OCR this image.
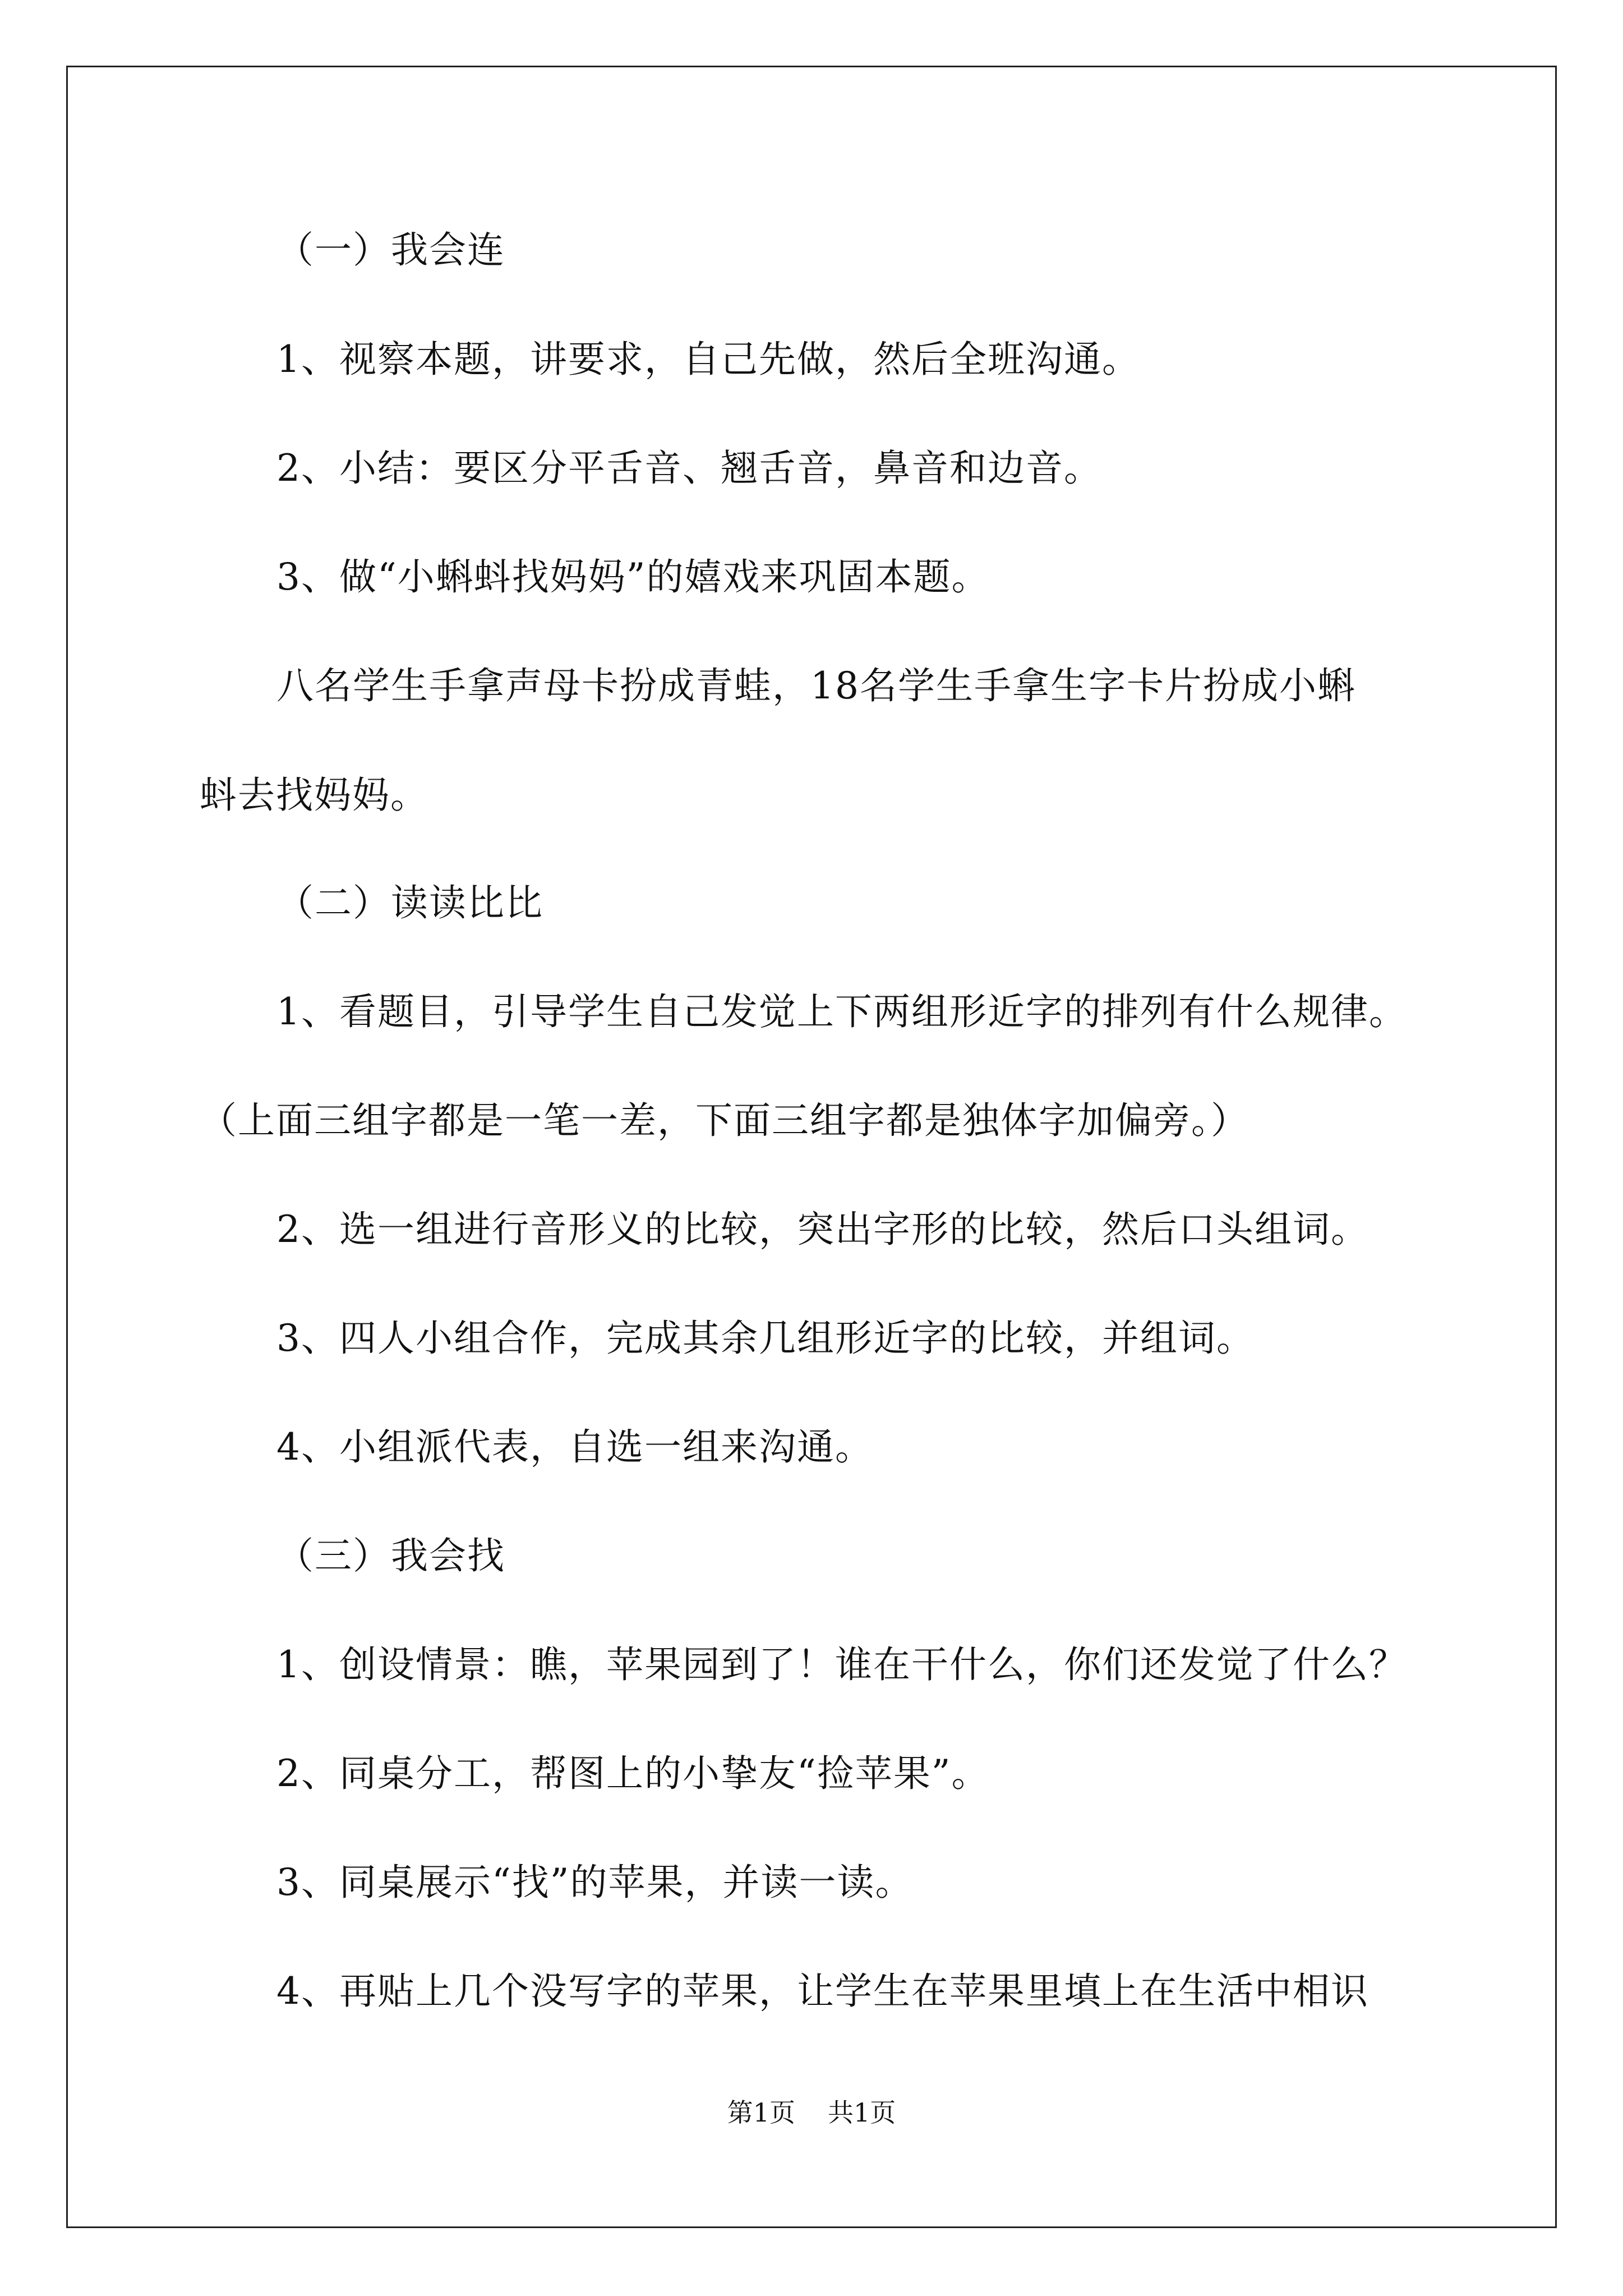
（一）我会连
1、视察本题，讲要求，自己先做，然后全班沟通。
2、小结：要区分平舌音、翘舌音，鼻音和边音。
3、做“小蝌蚪找妈妈”的嬉戏来巩固本题。
八名学生手拿声母卡扮成青蛙，18名学生手拿生字卡片扮成小蝌
蚪去找妈妈。
（二）读读比比
1、看题目，引导学生自己发觉上下两组形近字的排列有什么规律。
（上面三组字都是一笔一差，下面三组字都是独体字加偏旁。）
2、选一组进行音形义的比较，突出字形的比较，然后口头组词。
3、四人小组合作，完成其余几组形近字的比较，并组词。
4、小组派代表，自选一组来沟通。
（三）我会找
1、创设情景：瞧，苹果园到了！谁在干什么，你们还发觉了什么？
2、同桌分工，帮图上的小挚友“捡苹果”。
3、同桌展示“找”的苹果，并读一读。
4、再贴上几个没写字的苹果，让学生在苹果里填上在生活中相识
第1页 共1页
